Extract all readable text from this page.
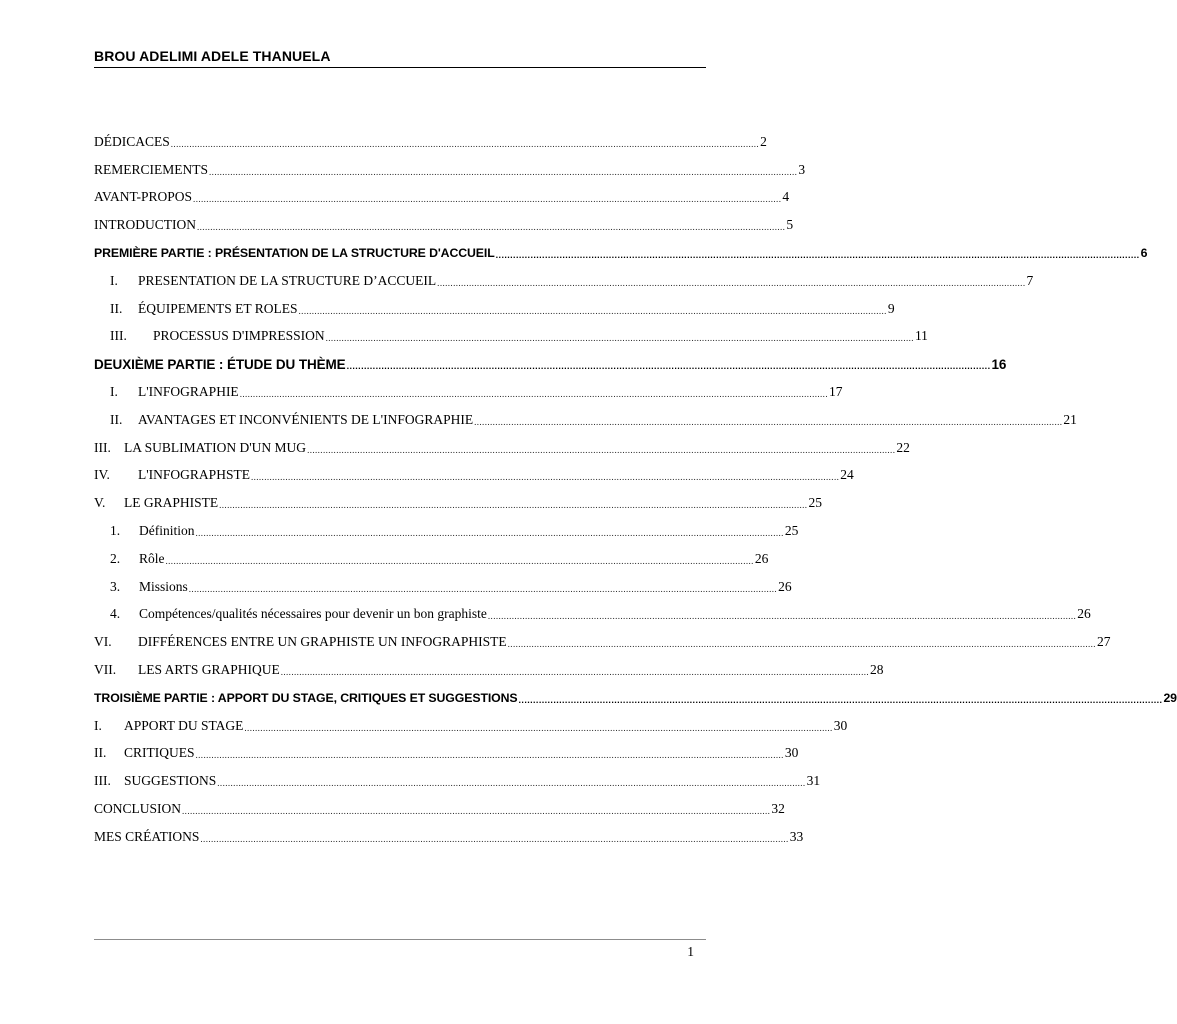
BROU ADELIMI ADELE THANUELA
DÉDICACES .............................................................................................................................................................................................................................. 2
REMERCIEMENTS .............................................................................................................................................................................................................................. 3
AVANT-PROPOS .............................................................................................................................................................................................................................. 4
INTRODUCTION .............................................................................................................................................................................................................................. 5
PREMIÈRE PARTIE : PRÉSENTATION DE LA STRUCTURE D'ACCUEIL .............................................................................................................................................................................................................................. 6
I.	PRESENTATION DE LA STRUCTURE D’ACCUEIL .............................................................................................................................................................................................................................. 7
II.	ÉQUIPEMENTS ET ROLES .............................................................................................................................................................................................................................. 9
III.	PROCESSUS D'IMPRESSION .............................................................................................................................................................................................................................. 11
DEUXIÈME PARTIE : ÉTUDE DU THÈME .............................................................................................................................................................................................................................. 16
I.	L'INFOGRAPHIE .............................................................................................................................................................................................................................. 17
II.	AVANTAGES ET INCONVÉNIENTS DE L'INFOGRAPHIE .............................................................................................................................................................................................................................. 21
III. LA SUBLIMATION D'UN MUG .............................................................................................................................................................................................................................. 22
IV.	L'INFOGRAPHSTE .............................................................................................................................................................................................................................. 24
V.	LE GRAPHISTE .............................................................................................................................................................................................................................. 25
1.	Définition .............................................................................................................................................................................................................................. 25
2.	Rôle .............................................................................................................................................................................................................................. 26
3.	Missions .............................................................................................................................................................................................................................. 26
4.	Compétences/qualités nécessaires pour devenir un bon graphiste .............................................................................................................................................................................................................................. 26
VI.	DIFFÉRENCES ENTRE UN GRAPHISTE UN INFOGRAPHISTE .............................................................................................................................................................................................................................. 27
VII.	LES ARTS GRAPHIQUE .............................................................................................................................................................................................................................. 28
TROISIÈME PARTIE : APPORT DU STAGE, CRITIQUES ET SUGGESTIONS .............................................................................................................................................................................................................................. 29
I.	APPORT DU STAGE .............................................................................................................................................................................................................................. 30
II.	CRITIQUES .............................................................................................................................................................................................................................. 30
III. SUGGESTIONS .............................................................................................................................................................................................................................. 31
CONCLUSION .............................................................................................................................................................................................................................. 32
MES CRÉATIONS .............................................................................................................................................................................................................................. 33
1
